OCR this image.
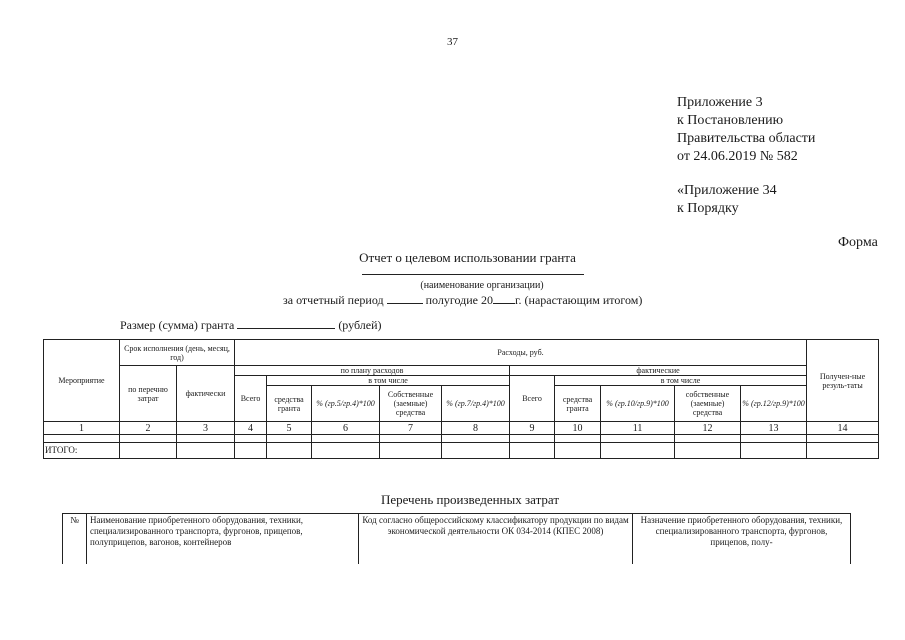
37
Приложение 3
к Постановлению
Правительства области
от 24.06.2019 № 582
«Приложение 34
к Порядку
Форма
Отчет о целевом использовании гранта
(наименование организации)
за отчетный период	полугодие 20 г. (нарастающим итогом)
Размер (сумма) гранта	(рублей)
Мероприятие	Срок исполнения (день, месяц, год)		Расходы, руб.										Получен-ные резуль-таты
	по перечню затрат	фактически	по плану расходов					фактические					
			Всего	в том числе				Всего	в том числе				
				средства гранта	% (гр.5/гр.4)*100	Собственные (заемные) средства	% (гр.7/гр.4)*100		средства гранта	% (гр.10/гр.9)*100	собственные (заемные) средства	% (гр.12/гр.9)*100	
1	2	3	4	5	6	7	8	9	10	11	12	13	14

ИТОГО:													
Перечень произведенных затрат
№	Наименование приобретенного оборудования, техники, специализированного транспорта, фургонов, прицепов, полуприцепов, вагонов, контейнеров	Код согласно общероссийскому классификатору продукции по видам экономической деятельности ОК 034-2014 (КПЕС 2008)	Назначение приобретенного оборудования, техники, специализированного транспорта, фургонов, прицепов, полу-
